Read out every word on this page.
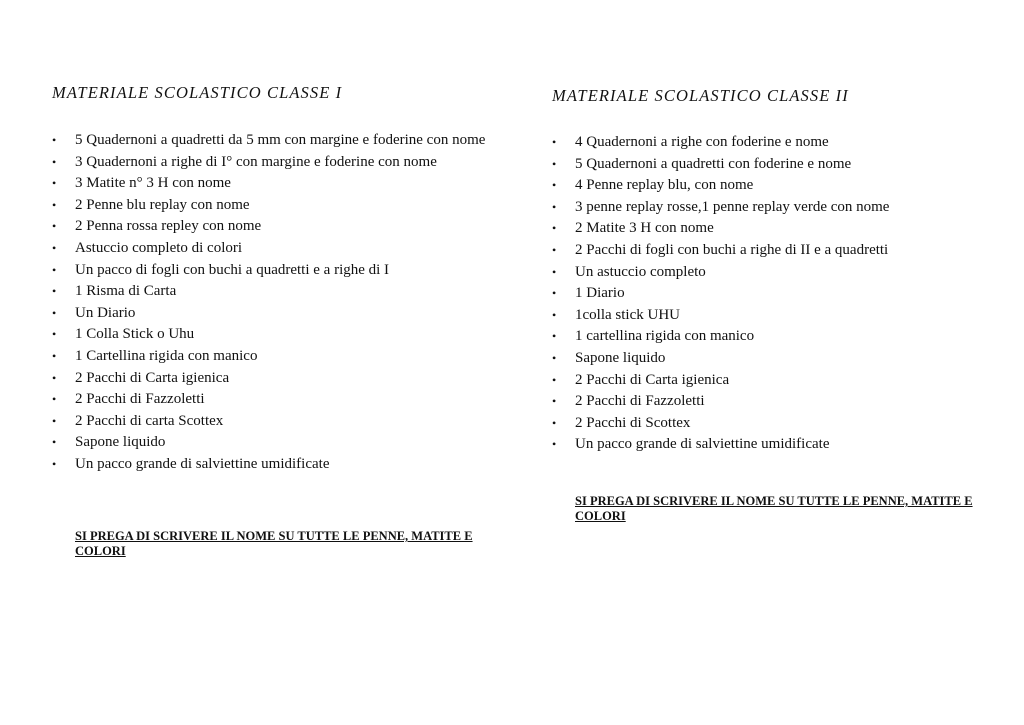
MATERIALE SCOLASTICO CLASSE I
• 5 Quadernoni a quadretti da 5 mm con margine e foderine con nome
• 3 Quadernoni a righe di I° con margine e foderine con nome
• 3 Matite n° 3 H con nome
• 2 Penne blu replay con nome
• 2 Penna rossa repley con nome
• Astuccio completo di colori
• Un pacco di fogli con buchi a quadretti e a righe di I
• 1 Risma di Carta
• Un Diario
• 1 Colla Stick o Uhu
• 1 Cartellina rigida con manico
• 2 Pacchi di Carta igienica
• 2 Pacchi di Fazzoletti
• 2 Pacchi di carta Scottex
• Sapone liquido
• Un pacco grande di salviettine umidificate

SI PREGA DI SCRIVERE IL NOME SU TUTTE LE PENNE, MATITE E COLORI

MATERIALE SCOLASTICO CLASSE II
• 4 Quadernoni a righe con foderine e nome
• 5 Quadernoni a quadretti con foderine e nome
• 4 Penne replay blu, con nome
• 3 penne replay rosse,1 penne replay verde con nome
• 2 Matite 3 H con nome
• 2 Pacchi di fogli con buchi a righe di II e a quadretti
• Un astuccio completo
• 1 Diario
• 1colla stick UHU
• 1 cartellina rigida con manico
• Sapone liquido
• 2 Pacchi di Carta igienica
• 2 Pacchi di Fazzoletti
• 2 Pacchi di Scottex
• Un pacco grande di salviettine umidificate

SI PREGA DI SCRIVERE IL NOME SU TUTTE LE PENNE, MATITE E COLORI
